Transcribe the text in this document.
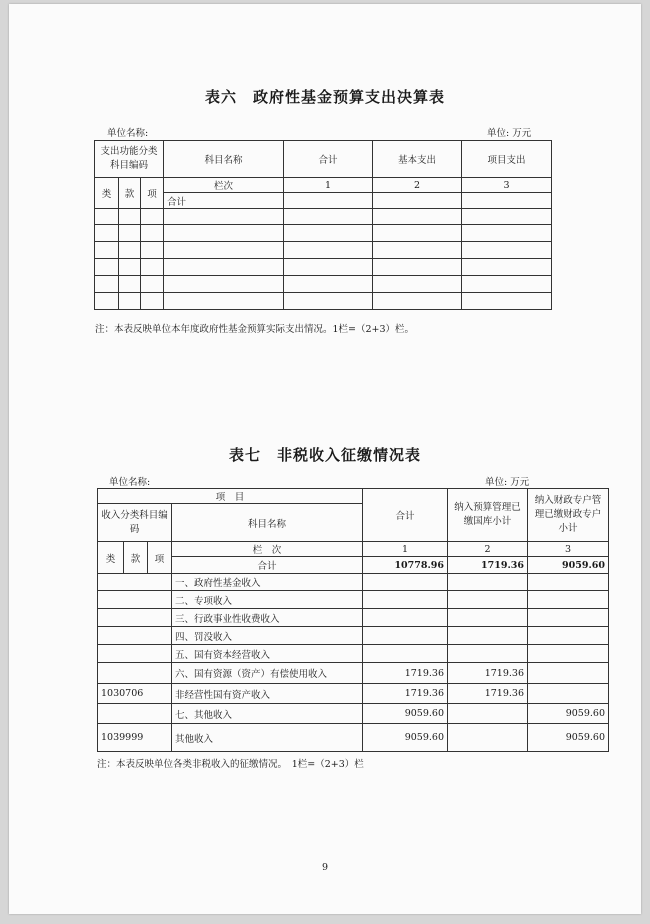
表六　政府性基金预算支出决算表
单位名称:	单位: 万元
支出功能分类科目编码			科目名称	合计	基本支出	项目支出

类	款	项	栏次	1	2	3
			合计			

注：本表反映单位本年度政府性基金预算实际支出情况。1栏=（2+3）栏。
表七　非税收入征缴情况表
单位名称:	单位: 万元
项　目				合计	纳入预算管理已缴国库小计	纳入财政专户管理已缴财政专户小计
收入分类科目编码			科目名称			
类	款	项	栏　次	1	2	3
			合计	10778.96	1719.36	9059.60
			一、政府性基金收入			
			二、专项收入			
			三、行政事业性收费收入			
			四、罚没收入			
			五、国有资本经营收入			
			六、国有资源（资产）有偿使用收入	1719.36	1719.36	
1030706			非经营性国有资产收入	1719.36	1719.36	
			七、其他收入	9059.60		9059.60
1039999			其他收入	9059.60		9059.60
注：本表反映单位各类非税收入的征缴情况。　1栏=（2+3）栏
9
